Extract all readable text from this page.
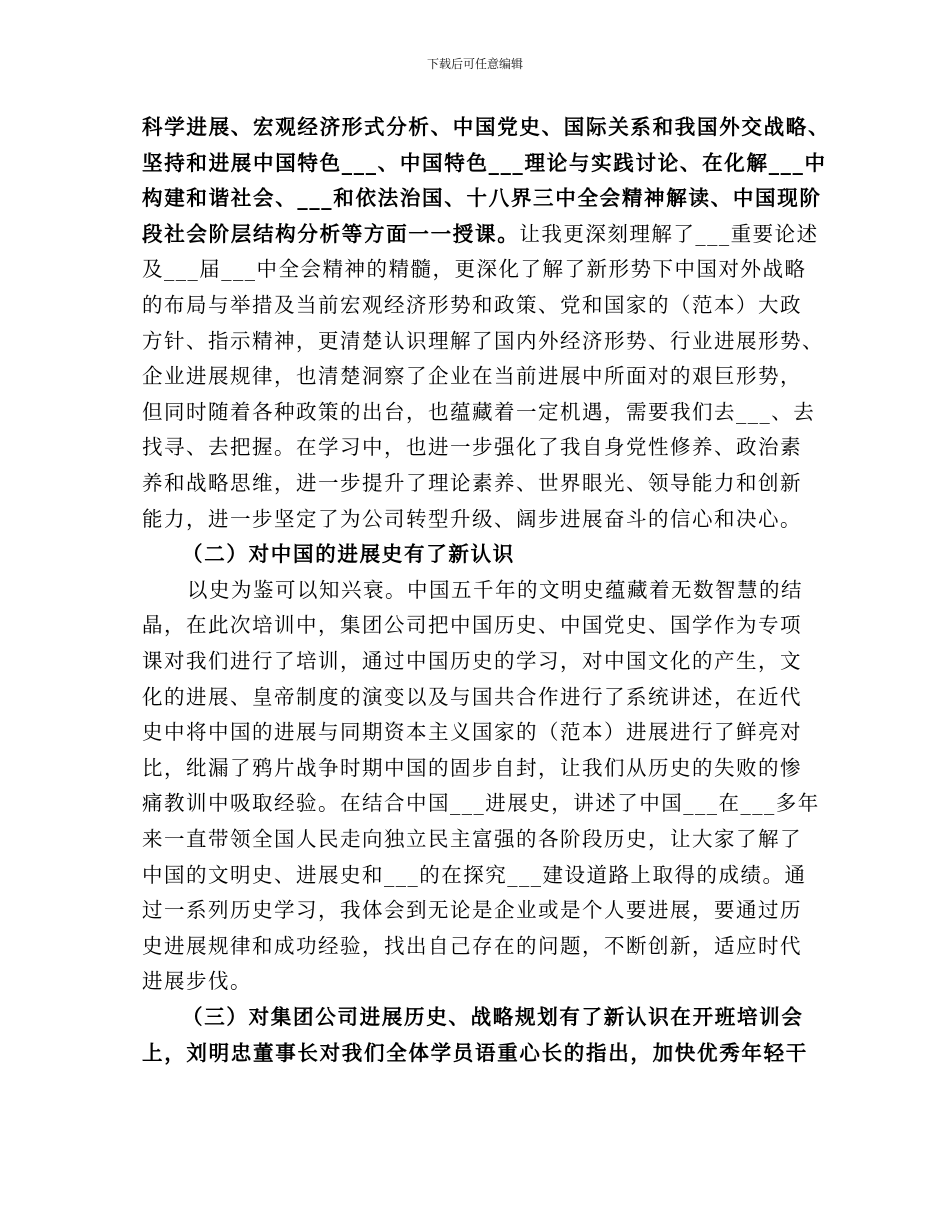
下载后可任意编辑
科学进展、宏观经济形式分析、中国党史、国际关系和我国外交战略、
坚持和进展中国特色___、中国特色___理论与实践讨论、在化解___中
构建和谐社会、___和依法治国、十八界三中全会精神解读、中国现阶
段社会阶层结构分析等方面一一授课。让我更深刻理解了___重要论述
及___届___中全会精神的精髓，更深化了解了新形势下中国对外战略
的布局与举措及当前宏观经济形势和政策、党和国家的（范本）大政
方针、指示精神，更清楚认识理解了国内外经济形势、行业进展形势、
企业进展规律，也清楚洞察了企业在当前进展中所面对的艰巨形势，
但同时随着各种政策的出台，也蕴藏着一定机遇，需要我们去___、去
找寻、去把握。在学习中，也进一步强化了我自身党性修养、政治素
养和战略思维，进一步提升了理论素养、世界眼光、领导能力和创新
能力，进一步坚定了为公司转型升级、阔步进展奋斗的信心和决心。
（二）对中国的进展史有了新认识
以史为鉴可以知兴衰。中国五千年的文明史蕴藏着无数智慧的结
晶，在此次培训中，集团公司把中国历史、中国党史、国学作为专项
课对我们进行了培训，通过中国历史的学习，对中国文化的产生，文
化的进展、皇帝制度的演变以及与国共合作进行了系统讲述，在近代
史中将中国的进展与同期资本主义国家的（范本）进展进行了鲜亮对
比，纰漏了鸦片战争时期中国的固步自封，让我们从历史的失败的惨
痛教训中吸取经验。在结合中国___进展史，讲述了中国___在___多年
来一直带领全国人民走向独立民主富强的各阶段历史，让大家了解了
中国的文明史、进展史和___的在探究___建设道路上取得的成绩。通
过一系列历史学习，我体会到无论是企业或是个人要进展，要通过历
史进展规律和成功经验，找出自己存在的问题，不断创新，适应时代
进展步伐。
（三）对集团公司进展历史、战略规划有了新认识在开班培训会
上，刘明忠董事长对我们全体学员语重心长的指出，加快优秀年轻干
